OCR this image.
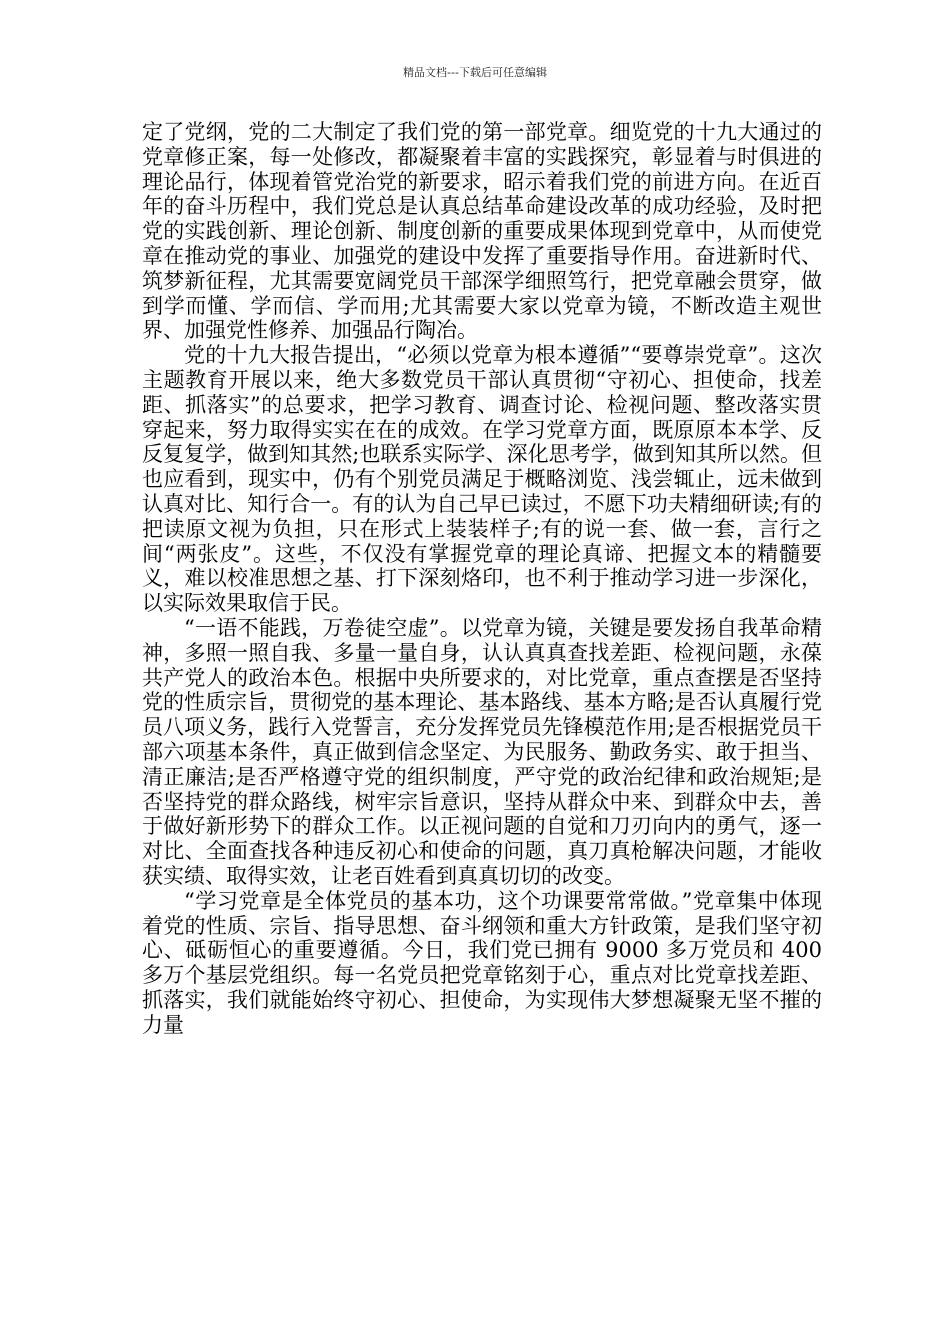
精品文档---下载后可任意编辑

定了党纲，党的二大制定了我们党的第一部党章。细览党的十九大通过的党章修正案，每一处修改，都凝聚着丰富的实践探究，彰显着与时俱进的理论品行，体现着管党治党的新要求，昭示着我们党的前进方向。在近百年的奋斗历程中，我们党总是认真总结革命建设改革的成功经验，及时把党的实践创新、理论创新、制度创新的重要成果体现到党章中，从而使党章在推动党的事业、加强党的建设中发挥了重要指导作用。奋进新时代、筑梦新征程，尤其需要宽阔党员干部深学细照笃行，把党章融会贯穿，做到学而懂、学而信、学而用;尤其需要大家以党章为镜，不断改造主观世界、加强党性修养、加强品行陶冶。

党的十九大报告提出，“必须以党章为根本遵循”“要尊崇党章”。这次主题教育开展以来，绝大多数党员干部认真贯彻“守初心、担使命，找差距、抓落实”的总要求，把学习教育、调查讨论、检视问题、整改落实贯穿起来，努力取得实实在在的成效。在学习党章方面，既原原本本学、反反复复学，做到知其然;也联系实际学、深化思考学，做到知其所以然。但也应看到，现实中，仍有个别党员满足于概略浏览、浅尝辄止，远未做到认真对比、知行合一。有的认为自己早已读过，不愿下功夫精细研读;有的把读原文视为负担，只在形式上装装样子;有的说一套、做一套，言行之间“两张皮”。这些，不仅没有掌握党章的理论真谛、把握文本的精髓要义，难以校准思想之基、打下深刻烙印，也不利于推动学习进一步深化，以实际效果取信于民。

“一语不能践，万卷徒空虚”。以党章为镜，关键是要发扬自我革命精神，多照一照自我、多量一量自身，认认真真查找差距、检视问题，永葆共产党人的政治本色。根据中央所要求的，对比党章，重点查摆是否坚持党的性质宗旨，贯彻党的基本理论、基本路线、基本方略;是否认真履行党员八项义务，践行入党誓言，充分发挥党员先锋模范作用;是否根据党员干部六项基本条件，真正做到信念坚定、为民服务、勤政务实、敢于担当、清正廉洁;是否严格遵守党的组织制度，严守党的政治纪律和政治规矩;是否坚持党的群众路线，树牢宗旨意识，坚持从群众中来、到群众中去，善于做好新形势下的群众工作。以正视问题的自觉和刀刃向内的勇气，逐一对比、全面查找各种违反初心和使命的问题，真刀真枪解决问题，才能收获实绩、取得实效，让老百姓看到真真切切的改变。

“学习党章是全体党员的基本功，这个功课要常常做。”党章集中体现着党的性质、宗旨、指导思想、奋斗纲领和重大方针政策，是我们坚守初心、砥砺恒心的重要遵循。今日，我们党已拥有 9000 多万党员和 400 多万个基层党组织。每一名党员把党章铭刻于心，重点对比党章找差距、抓落实，我们就能始终守初心、担使命，为实现伟大梦想凝聚无坚不摧的力量
